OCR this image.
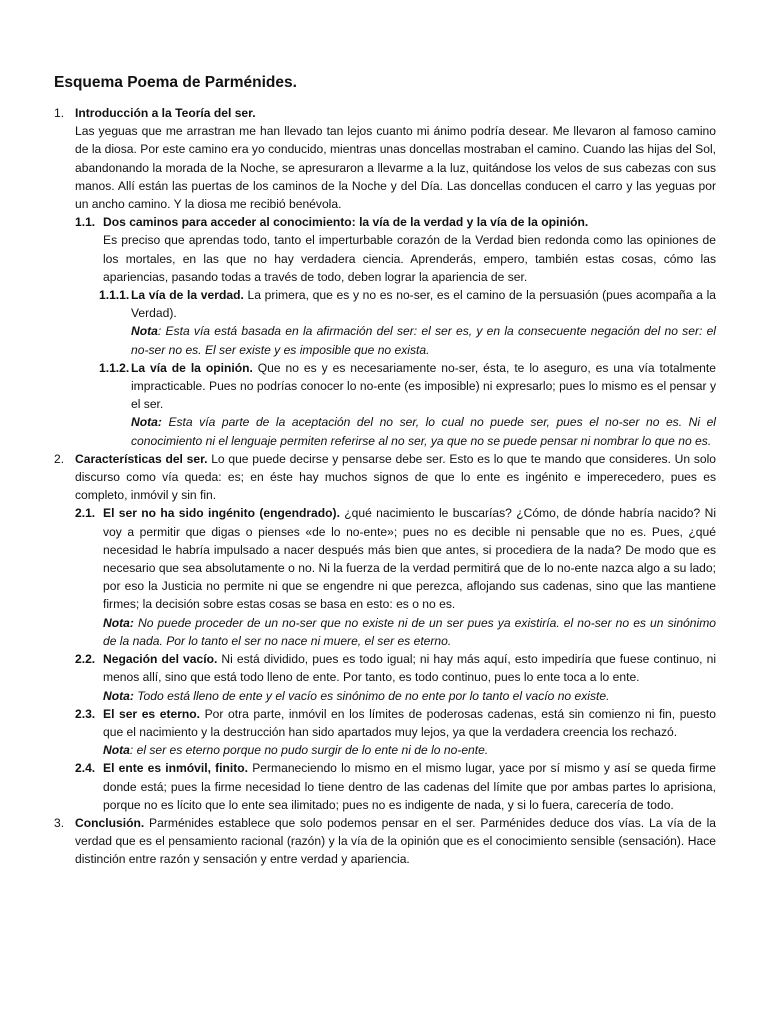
Esquema Poema de Parménides.
1. Introducción a la Teoría del ser.
Las yeguas que me arrastran me han llevado tan lejos cuanto mi ánimo podría desear. Me llevaron al famoso camino de la diosa. Por este camino era yo conducido, mientras unas doncellas mostraban el camino. Cuando las hijas del Sol, abandonando la morada de la Noche, se apresuraron a llevarme a la luz, quitándose los velos de sus cabezas con sus manos. Allí están las puertas de los caminos de la Noche y del Día. Las doncellas conducen el carro y las yeguas por un ancho camino. Y la diosa me recibió benévola.
1.1. Dos caminos para acceder al conocimiento: la vía de la verdad y la vía de la opinión.
Es preciso que aprendas todo, tanto el imperturbable corazón de la Verdad bien redonda como las opiniones de los mortales, en las que no hay verdadera ciencia. Aprenderás, empero, también estas cosas, cómo las apariencias, pasando todas a través de todo, deben lograr la apariencia de ser.
1.1.1. La vía de la verdad. La primera, que es y no es no-ser, es el camino de la persuasión (pues acompaña a la Verdad).
Nota: Esta vía está basada en la afirmación del ser: el ser es, y en la consecuente negación del no ser: el no-ser no es. El ser existe y es imposible que no exista.
1.1.2. La vía de la opinión. Que no es y es necesariamente no-ser, ésta, te lo aseguro, es una vía totalmente impracticable. Pues no podrías conocer lo no-ente (es imposible) ni expresarlo; pues lo mismo es el pensar y el ser.
Nota: Esta vía parte de la aceptación del no ser, lo cual no puede ser, pues el no-ser no es. Ni el conocimiento ni el lenguaje permiten referirse al no ser, ya que no se puede pensar ni nombrar lo que no es.
2. Características del ser. Lo que puede decirse y pensarse debe ser. Esto es lo que te mando que consideres. Un solo discurso como vía queda: es; en éste hay muchos signos de que lo ente es ingénito e imperecedero, pues es completo, inmóvil y sin fin.
2.1. El ser no ha sido ingénito (engendrado). ¿qué nacimiento le buscarías? ¿Cómo, de dónde habría nacido? Ni voy a permitir que digas o pienses «de lo no-ente»; pues no es decible ni pensable que no es. Pues, ¿qué necesidad le habría impulsado a nacer después más bien que antes, si procediera de la nada? De modo que es necesario que sea absolutamente o no. Ni la fuerza de la verdad permitirá que de lo no-ente nazca algo a su lado; por eso la Justicia no permite ni que se engendre ni que perezca, aflojando sus cadenas, sino que las mantiene firmes; la decisión sobre estas cosas se basa en esto: es o no es.
Nota: No puede proceder de un no-ser que no existe ni de un ser pues ya existiría. el no-ser no es un sinónimo de la nada. Por lo tanto el ser no nace ni muere, el ser es eterno.
2.2. Negación del vacío. Ni está dividido, pues es todo igual; ni hay más aquí, esto impediría que fuese continuo, ni menos allí, sino que está todo lleno de ente. Por tanto, es todo continuo, pues lo ente toca a lo ente.
Nota: Todo está lleno de ente y el vacío es sinónimo de no ente por lo tanto el vacío no existe.
2.3. El ser es eterno. Por otra parte, inmóvil en los límites de poderosas cadenas, está sin comienzo ni fin, puesto que el nacimiento y la destrucción han sido apartados muy lejos, ya que la verdadera creencia los rechazó.
Nota: el ser es eterno porque no pudo surgir de lo ente ni de lo no-ente.
2.4. El ente es inmóvil, finito. Permaneciendo lo mismo en el mismo lugar, yace por sí mismo y así se queda firme donde está; pues la firme necesidad lo tiene dentro de las cadenas del límite que por ambas partes lo aprisiona, porque no es lícito que lo ente sea ilimitado; pues no es indigente de nada, y si lo fuera, carecería de todo.
3. Conclusión. Parménides establece que solo podemos pensar en el ser. Parménides deduce dos vías. La vía de la verdad que es el pensamiento racional (razón) y la vía de la opinión que es el conocimiento sensible (sensación). Hace distinción entre razón y sensación y entre verdad y apariencia.
